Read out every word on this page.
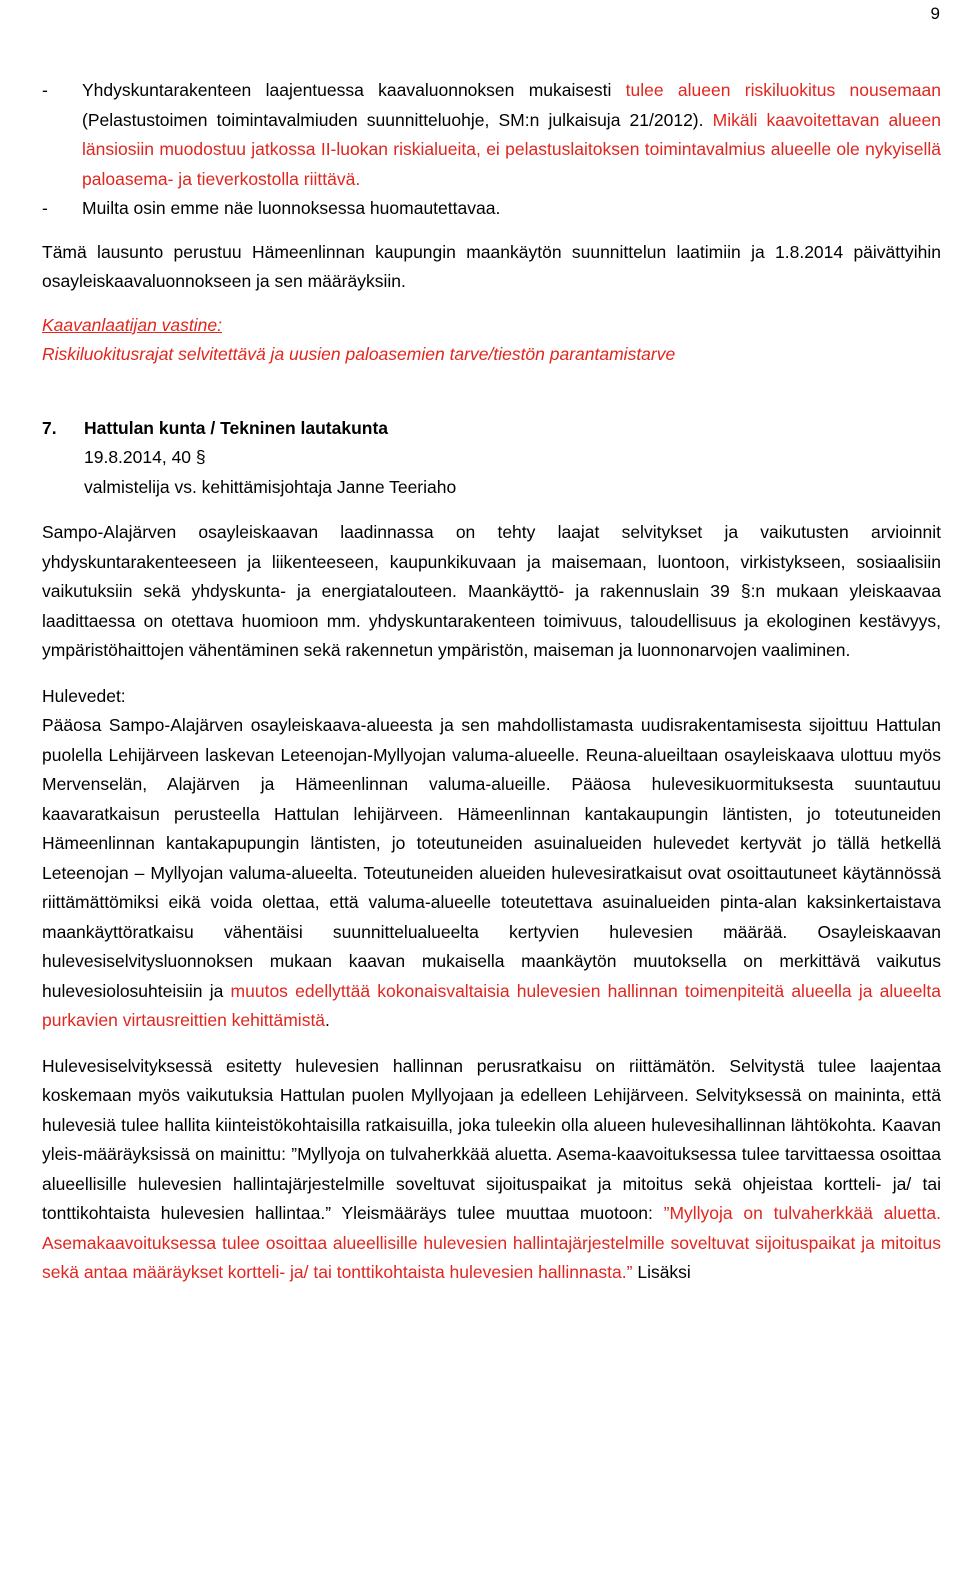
9

- Yhdyskuntarakenteen laajentuessa kaavaluonnoksen mukaisesti tulee alueen riskiluokitus nousemaan (Pelastustoimen toimintavalmiuden suunnitteluohje, SM:n julkaisuja 21/2012). Mikäli kaavoitettavan alueen länsiosiin muodostuu jatkossa II-luokan riskialueita, ei pelastuslaitoksen toimintavalmius alueelle ole nykyisellä paloasema- ja tieverkostolla riittävä.

- Muilta osin emme näe luonnoksessa huomautettavaa.

Tämä lausunto perustuu Hämeenlinnan kaupungin maankäytön suunnittelun laatimiin ja 1.8.2014 päivättyihin osayleiskaavaluonnokseen ja sen määräyksiin.

Kaavanlaatijan vastine:

Riskiluokitusrajat selvitettävä ja uusien paloasemien tarve/tiestön parantamistarve

7. Hattulan kunta / Tekninen lautakunta

19.8.2014, 40 §

valmistelija vs. kehittämisjohtaja Janne Teeriaho

Sampo-Alajärven osayleiskaavan laadinnassa on tehty laajat selvitykset ja vaikutusten arvioinnit yhdyskuntarakenteeseen ja liikenteeseen, kaupunkikuvaan ja maisemaan, luontoon, virkistykseen, sosiaalisiin vaikutuksiin sekä yhdyskunta- ja energiatalouteen. Maankäyttö- ja rakennuslain 39 §:n mukaan yleiskaavaa laadittaessa on otettava huomioon mm. yhdyskuntarakenteen toimivuus, taloudellisuus ja ekologinen kestävyys, ympäristöhaittojen vähentäminen sekä rakennetun ympäristön, maiseman ja luonnonarvojen vaaliminen.

Hulevedet:

Pääosa Sampo-Alajärven osayleiskaava-alueesta ja sen mahdollistamasta uudisrakentamisesta sijoittuu Hattulan puolella Lehijärveen laskevan Leteenojan-Myllyojan valuma-alueelle. Reuna-alueiltaan osayleiskaava ulottuu myös Mervenselän, Alajärven ja Hämeenlinnan valuma-alueille. Pääosa hulevesikuormituksesta suuntautuu kaavaratkaisun perusteella Hattulan lehijärveen. Hämeenlinnan kantakaupungin läntisten, jo toteutuneiden Hämeenlinnan kantakapupungin läntisten, jo toteutuneiden asuinalueiden hulevedet kertyvät jo tällä hetkellä Leteenojan – Myllyojan valuma-alueelta. Toteutuneiden alueiden hulevesiratkaisut ovat osoittautuneet käytännössä riittämättömiksi eikä voida olettaa, että valuma-alueelle toteutettava asuinalueiden pinta-alan kaksinkertaistava maankäyttöratkaisu vähentäisi suunnittelualueelta kertyvien hulevesien määrää. Osayleiskaavan hulevesiselvitysluonnoksen mukaan kaavan mukaisella maankäytön muutoksella on merkittävä vaikutus hulevesiolosuhteisiin ja muutos edellyttää kokonaisvaltaisia hulevesien hallinnan toimenpiteitä alueella ja alueelta purkavien virtausreittien kehittämistä.

Hulevesiselvityksessä esitetty hulevesien hallinnan perusratkaisu on riittämätön. Selvitystä tulee laajentaa koskemaan myös vaikutuksia Hattulan puolen Myllyojaan ja edelleen Lehijärveen. Selvityksessä on maininta, että hulevesiä tulee hallita kiinteistökohtaisilla ratkaisuilla, joka tuleekin olla alueen hulevesihallinnan lähtökohta. Kaavan yleis-määräyksissä on mainittu: ”Myllyoja on tulvaherkkää aluetta. Asema-kaavoituksessa tulee tarvittaessa osoittaa alueellisille hulevesien hallintajärjestelmille soveltuvat sijoituspaikat ja mitoitus sekä ohjeistaa kortteli- ja/ tai tonttikohtaista hulevesien hallintaa.” Yleismääräys tulee muuttaa muotoon: ”Myllyoja on tulvaherkkää aluetta. Asemakaavoituksessa tulee osoittaa alueellisille hulevesien hallintajärjestelmille soveltuvat sijoituspaikat ja mitoitus sekä antaa määräykset kortteli- ja/ tai tonttikohtaista hulevesien hallinnasta.” Lisäksi
